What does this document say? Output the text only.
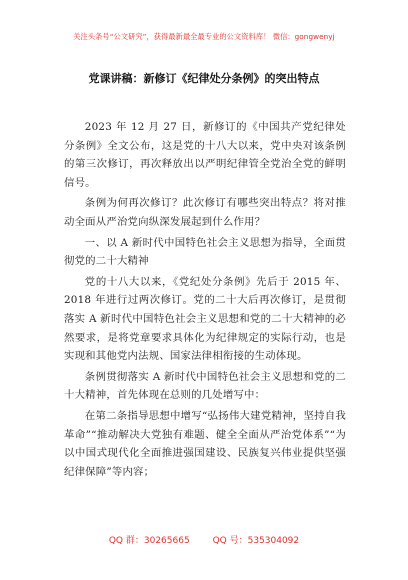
关注头条号“公文研究”，获得最新最全最专业的公文资料库！ 微信：gongwenyj
党课讲稿：新修订《纪律处分条例》的突出特点

2023 年 12 月 27 日，新修订的《中国共产党纪律处分条例》全文公布，这是党的十八大以来，党中央对该条例的第三次修订，再次释放出以严明纪律管全党治全党的鲜明信号。

条例为何再次修订？此次修订有哪些突出特点？将对推动全面从严治党向纵深发展起到什么作用？

一、以 A 新时代中国特色社会主义思想为指导，全面贯彻党的二十大精神

党的十八大以来，《党纪处分条例》先后于 2015 年、2018 年进行过两次修订。党的二十大后再次修订，是贯彻落实 A 新时代中国特色社会主义思想和党的二十大精神的必然要求，是将党章要求具体化为纪律规定的实际行动，也是实现和其他党内法规、国家法律相衔接的生动体现。

条例贯彻落实 A 新时代中国特色社会主义思想和党的二十大精神，首先体现在总则的几处增写中：

在第二条指导思想中增写“弘扬伟大建党精神，坚持自我革命”“推动解决大党独有难题、健全全面从严治党体系”“为以中国式现代化全面推进强国建设、民族复兴伟业提供坚强纪律保障”等内容；

QQ 群：30265665	QQ 号：535304092
